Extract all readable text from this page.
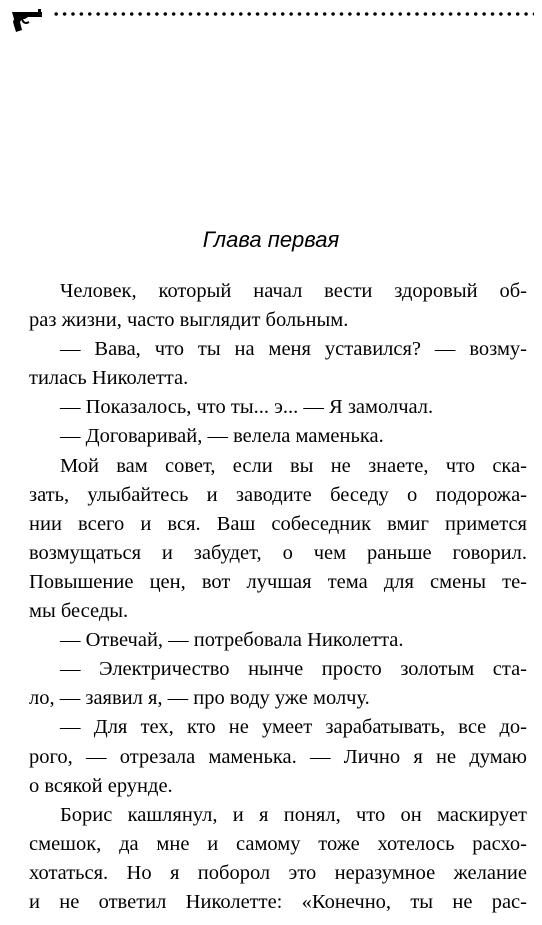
Глава первая
Человек, который начал вести здоровый об-
раз жизни, часто выглядит больным.
— Вава, что ты на меня уставился? — возму-
тилась Николетта.
— Показалось, что ты... э... — Я замолчал.
— Договаривай, — велела маменька.
Мой вам совет, если вы не знаете, что ска-
зать, улыбайтесь и заводите беседу о подорожа-
нии всего и вся. Ваш собеседник вмиг примется
возмущаться и забудет, о чем раньше говорил.
Повышение цен, вот лучшая тема для смены те-
мы беседы.
— Отвечай, — потребовала Николетта.
— Электричество нынче просто золотым ста-
ло, — заявил я, — про воду уже молчу.
— Для тех, кто не умеет зарабатывать, все до-
рого, — отрезала маменька. — Лично я не думаю
о всякой ерунде.
Борис кашлянул, и я понял, что он маскирует
смешок, да мне и самому тоже хотелось расхо-
хотаться. Но я поборол это неразумное желание
и не ответил Николетте: «Конечно, ты не рас-
